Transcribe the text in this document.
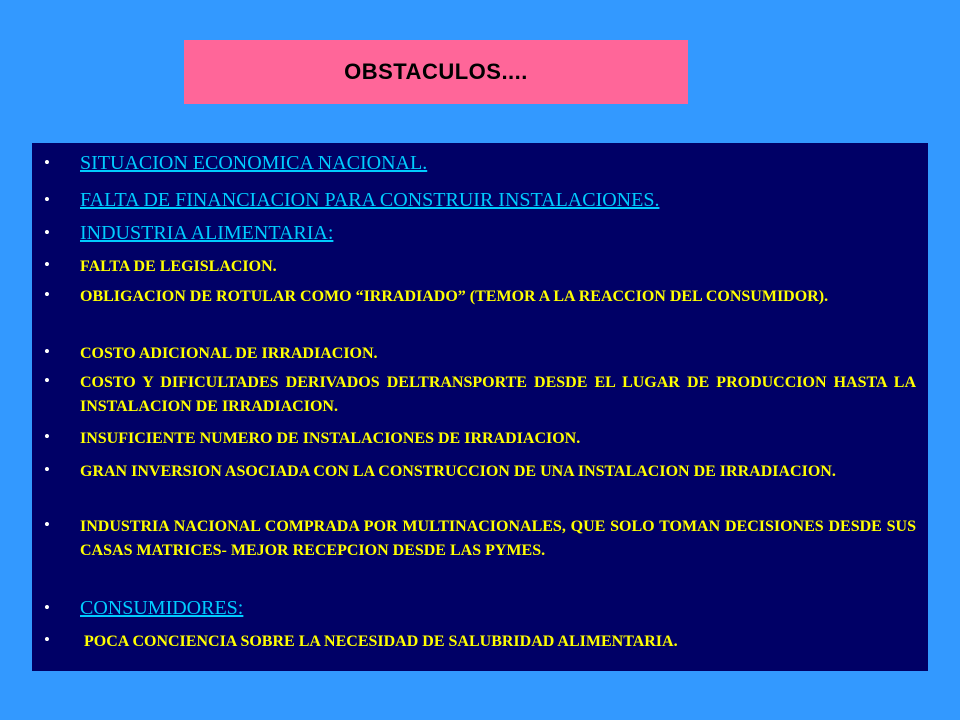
OBSTACULOS....
• SITUACION ECONOMICA NACIONAL.
• FALTA DE FINANCIACION PARA CONSTRUIR INSTALACIONES.
• INDUSTRIA ALIMENTARIA:
• FALTA DE LEGISLACION.
• OBLIGACION DE ROTULAR COMO “IRRADIADO” (TEMOR A LA REACCION DEL CONSUMIDOR).
• COSTO ADICIONAL DE IRRADIACION.
• COSTO Y DIFICULTADES DERIVADOS DELTRANSPORTE DESDE EL LUGAR DE PRODUCCION HASTA LA INSTALACION DE IRRADIACION.
• INSUFICIENTE NUMERO DE INSTALACIONES DE IRRADIACION.
• GRAN INVERSION ASOCIADA CON LA CONSTRUCCION DE UNA INSTALACION DE IRRADIACION.
• INDUSTRIA NACIONAL COMPRADA POR MULTINACIONALES, QUE SOLO TOMAN DECISIONES DESDE SUS CASAS MATRICES- MEJOR RECEPCION DESDE LAS PYMES.
• CONSUMIDORES:
• POCA CONCIENCIA SOBRE LA NECESIDAD DE SALUBRIDAD ALIMENTARIA.
